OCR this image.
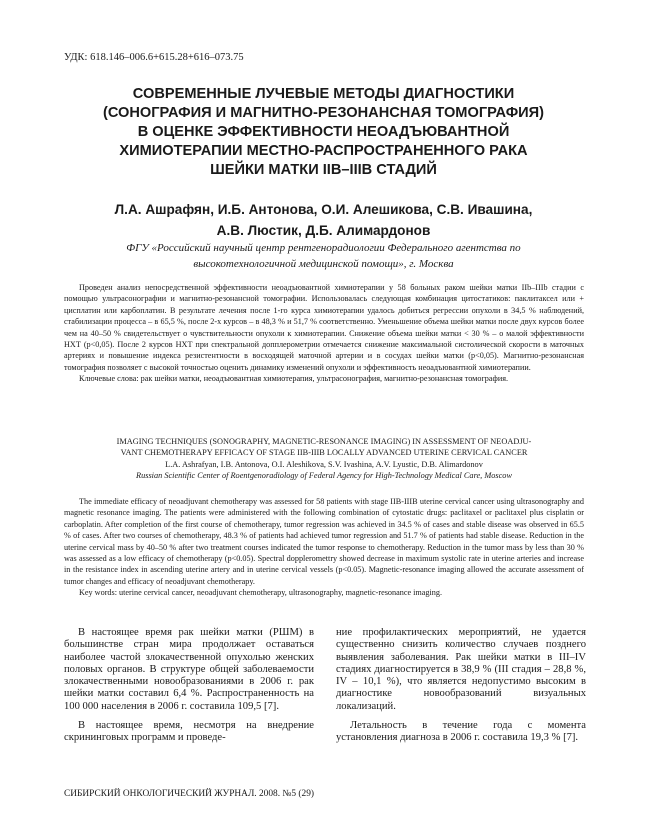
УДК: 618.146–006.6+615.28+616–073.75
СОВРЕМЕННЫЕ ЛУЧЕВЫЕ МЕТОДЫ ДИАГНОСТИКИ
(СОНОГРАФИЯ И МАГНИТНО-РЕЗОНАНСНАЯ ТОМОГРАФИЯ)
В ОЦЕНКЕ ЭФФЕКТИВНОСТИ НЕОАДЪЮВАНТНОЙ
ХИМИОТЕРАПИИ МЕСТНО-РАСПРОСТРАНЕННОГО РАКА
ШЕЙКИ МАТКИ IIB–IIIB СТАДИЙ
Л.А. Ашрафян, И.Б. Антонова, О.И. Алешикова, С.В. Ивашина,
А.В. Люстик, Д.Б. Алимардонов
ФГУ «Российский научный центр рентгенорадиологии Федерального агентства по
высокотехнологичной медицинской помощи», г. Москва

Проведен анализ непосредственной эффективности неоадъювантной химиотерапии у 58 больных раком шейки матки IIb–IIIb стадии с помощью ультрасонографии и магнитно-резонансной томографии. Использовалась следующая комбинация цитостатиков: паклитаксел или + цисплатин или карбоплатин. В результате лечения после 1-го курса химиотерапии удалось добиться регрессии опухоли в 34,5 % наблюдений, стабилизации процесса – в 65,5 %, после 2-х курсов – в 48,3 % и 51,7 % соответственно. Уменьшение объема шейки матки после двух курсов более чем на 40–50 % свидетельствует о чувствительности опухоли к химиотерапии. Снижение объема шейки матки < 30 % – о малой эффективности НХТ (p<0,05). После 2 курсов НХТ при спектральной допплерометрии отмечается снижение максимальной систолической скорости в маточных артериях и повышение индекса резистентности в восходящей маточной артерии и в сосудах шейки матки (p<0,05). Магнитно-резонансная томография позволяет с высокой точностью оценить динамику изменений опухоли и эффективность неоадъювантной химиотерапии.

Ключевые слова: рак шейки матки, неоадъювантная химиотерапия, ультрасонография, магнитно-резонансная томография.

IMAGING TECHNIQUES (SONOGRAPHY, MAGNETIC-RESONANCE IMAGING) IN ASSESSMENT OF NEOADJU-
VANT CHEMOTHERAPY EFFICACY OF STAGE IIB-IIIB LOCALLY ADVANCED UTERINE CERVICAL CANCER
L.A. Ashrafyan, I.B. Antonova, O.I. Aleshikova, S.V. Ivashina, A.V. Lyustic, D.B. Alimardonov
Russian Scientific Center of Roentgenoradiology of Federal Agency for High-Technology Medical Care, Moscow

The immediate efficacy of neoadjuvant chemotherapy was assessed for 58 patients with stage IIB-IIIB uterine cervical cancer using ultrasonography and magnetic resonance imaging. The patients were administered with the following combination of cytostatic drugs: paclitaxel or paclitaxel plus cisplatin or carboplatin. After completion of the first course of chemotherapy, tumor regression was achieved in 34.5 % of cases and stable disease was observed in 65.5 % of cases. After two courses of chemotherapy, 48.3 % of patients had achieved tumor regression and 51.7 % of patients had stable disease. Reduction in the uterine cervical mass by 40–50 % after two treatment courses indicated the tumor response to chemotherapy. Reduction in the tumor mass by less than 30 % was assessed as a low efficacy of chemotherapy (p<0.05). Spectral doppleromettry showed decrease in maximum systolic rate in uterine arteries and increase in the resistance index in ascending uterine artery and in uterine cervical vessels (p<0.05). Magnetic-resonance imaging allowed the accurate assessment of tumor changes and efficacy of neoadjuvant chemotherapy.

Key words: uterine cervical cancer, neoadjuvant chemotherapy, ultrasonography, magnetic-resonance imaging.

В настоящее время рак шейки матки (РШМ) в большинстве стран мира продолжает оставаться наиболее частой злокачественной опухолью женских половых органов. В структуре общей заболеваемости злокачественными новообразованиями в 2006 г. рак шейки матки составил 6,4 %. Распространенность на 100 000 населения в 2006 г. составила 109,5 [7].

В настоящее время, несмотря на внедрение скрининговых программ и проведе-

ние профилактических мероприятий, не удается существенно снизить количество случаев позднего выявления заболевания. Рак шейки матки в III–IV стадиях диагностируется в 38,9 % (III стадия – 28,8 %, IV – 10,1 %), что является недопустимо высоким в диагностике новообразований визуальных локализаций.

Летальность в течение года с момента установления диагноза в 2006 г. составила 19,3 % [7].

СИБИРСКИЙ ОНКОЛОГИЧЕСКИЙ ЖУРНАЛ. 2008. №5 (29)
